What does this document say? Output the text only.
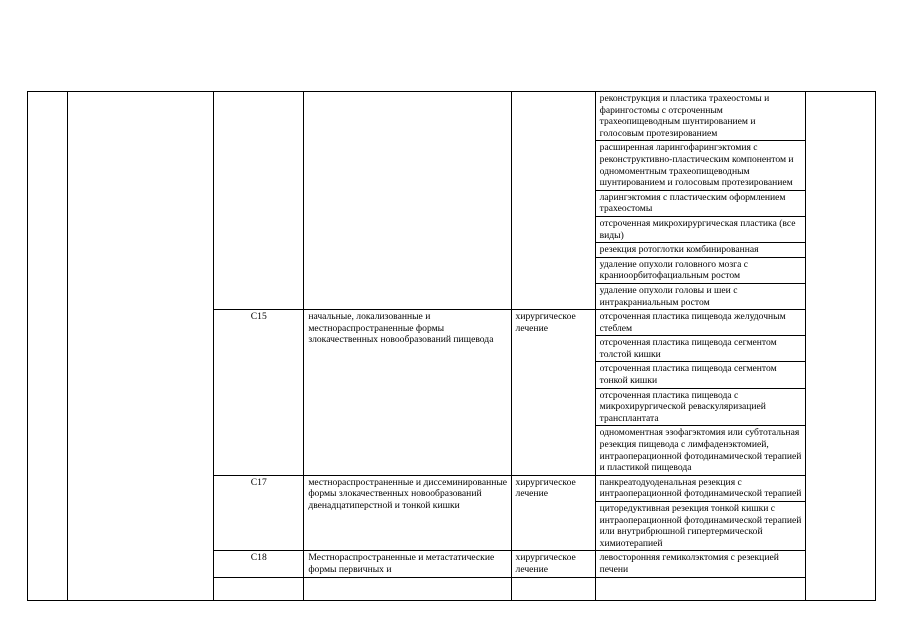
					реконструкция и пластика трахеостомы и фарингостомы с отсроченным трахеопищеводным шунтированием и голосовым протезированием	
					расширенная ларингофарингэктомия с реконструктивно-пластическим компонентом и одномоментным трахеопищеводным шунтированием и голосовым протезированием	
					ларингэктомия с пластическим оформлением трахеостомы	
					отсроченная микрохирургическая пластика (все виды)	
					резекция ротоглотки комбинированная	
					удаление опухоли головного мозга с краниоорбитофациальным ростом	
					удаление опухоли головы и шеи с интракраниальным ростом	
		C15	начальные, локализованные и местнораспространенные формы злокачественных новообразований пищевода	хирургическое лечение	отсроченная пластика пищевода желудочным стеблем	
					отсроченная пластика пищевода сегментом толстой кишки	
					отсроченная пластика пищевода сегментом тонкой кишки	
					отсроченная пластика пищевода с микрохирургической реваскуляризацией трансплантата	
					одномоментная эзофагэктомия или субтотальная резекция пищевода с лимфаденэктомией, интраоперационной фотодинамической терапией и пластикой пищевода	
		C17	местнораспространенные и диссеминированные формы злокачественных новообразований двенадцатиперстной и тонкой кишки	хирургическое лечение	панкреатодуоденальная резекция с интраоперационной фотодинамической терапией	
					циторедуктивная резекция тонкой кишки с интраоперационной фотодинамической терапией или внутрибрюшной гипертермической химиотерапией	
		C18	Местнораспространенные и метастатические формы первичных и	хирургическое лечение	левосторонняя гемиколэктомия с резекцией печени	
